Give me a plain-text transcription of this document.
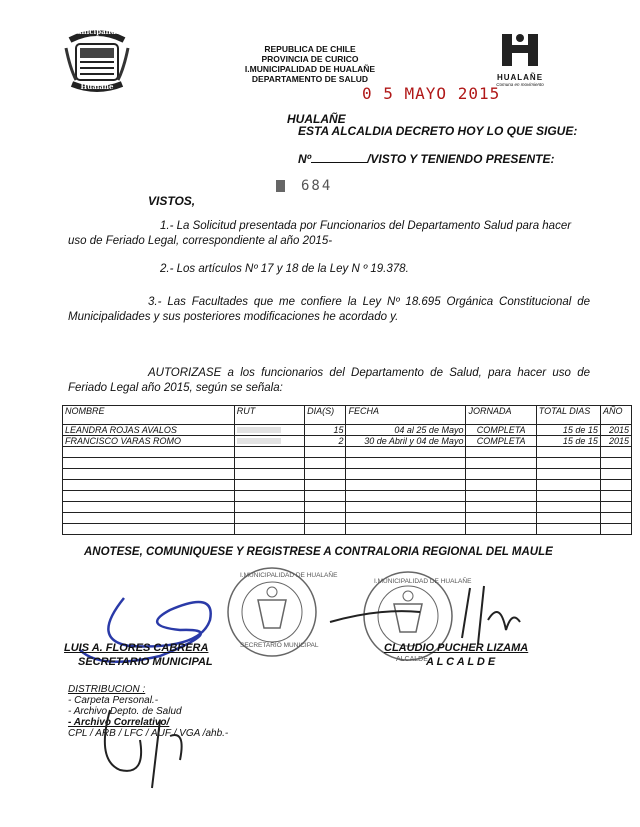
Municipalidad
Hualañe
REPUBLICA DE CHILE
PROVINCIA DE CURICO
I.MUNICIPALIDAD DE HUALAÑE
DEPARTAMENTO DE SALUD	HUALAÑE
Comuna en movimiento
0 5 MAYO 2015
HUALAÑE
ESTA ALCALDIA DECRETO HOY LO QUE SIGUE:
Nº	/VISTO Y TENIENDO PRESENTE:
684
VISTOS,
1.- La Solicitud presentada por Funcionarios del Departamento Salud para hacer uso de Feriado Legal, correspondiente al año 2015-
2.- Los artículos Nº 17 y 18 de la Ley N º 19.378.
3.- Las Facultades que me confiere la Ley Nº 18.695 Orgánica Constitucional de Municipalidades y sus posteriores modificaciones he acordado y.
AUTORIZASE a los funcionarios del Departamento de Salud, para hacer uso de Feriado Legal año 2015, según se señala:
NOMBRE	RUT	DIA(S)	FECHA	JORNADA	TOTAL DIAS	AÑO
LEANDRA ROJAS AVALOS		15	04 al 25 de Mayo	COMPLETA	15 de 15	2015
FRANCISCO VARAS ROMO		2	30 de Abril y 04 de Mayo	COMPLETA	15 de 15	2015

ANOTESE, COMUNIQUESE Y REGISTRESE A CONTRALORIA REGIONAL DEL MAULE
I.MUNICIPALIDAD DE HUALAÑE
SECRETARIO MUNICIPAL
I.MUNICIPALIDAD DE HUALAÑE
ALCALDE
LUIS A. FLORES CABRERA
SECRETARIO MUNICIPAL
CLAUDIO PUCHER LIZAMA
A L C A L D E
DISTRIBUCION :
- Carpeta Personal.-
- Archivo Depto. de Salud
- Archivo Correlativo/
CPL / ARB / LFC / AUF / VGA /ahb.-
